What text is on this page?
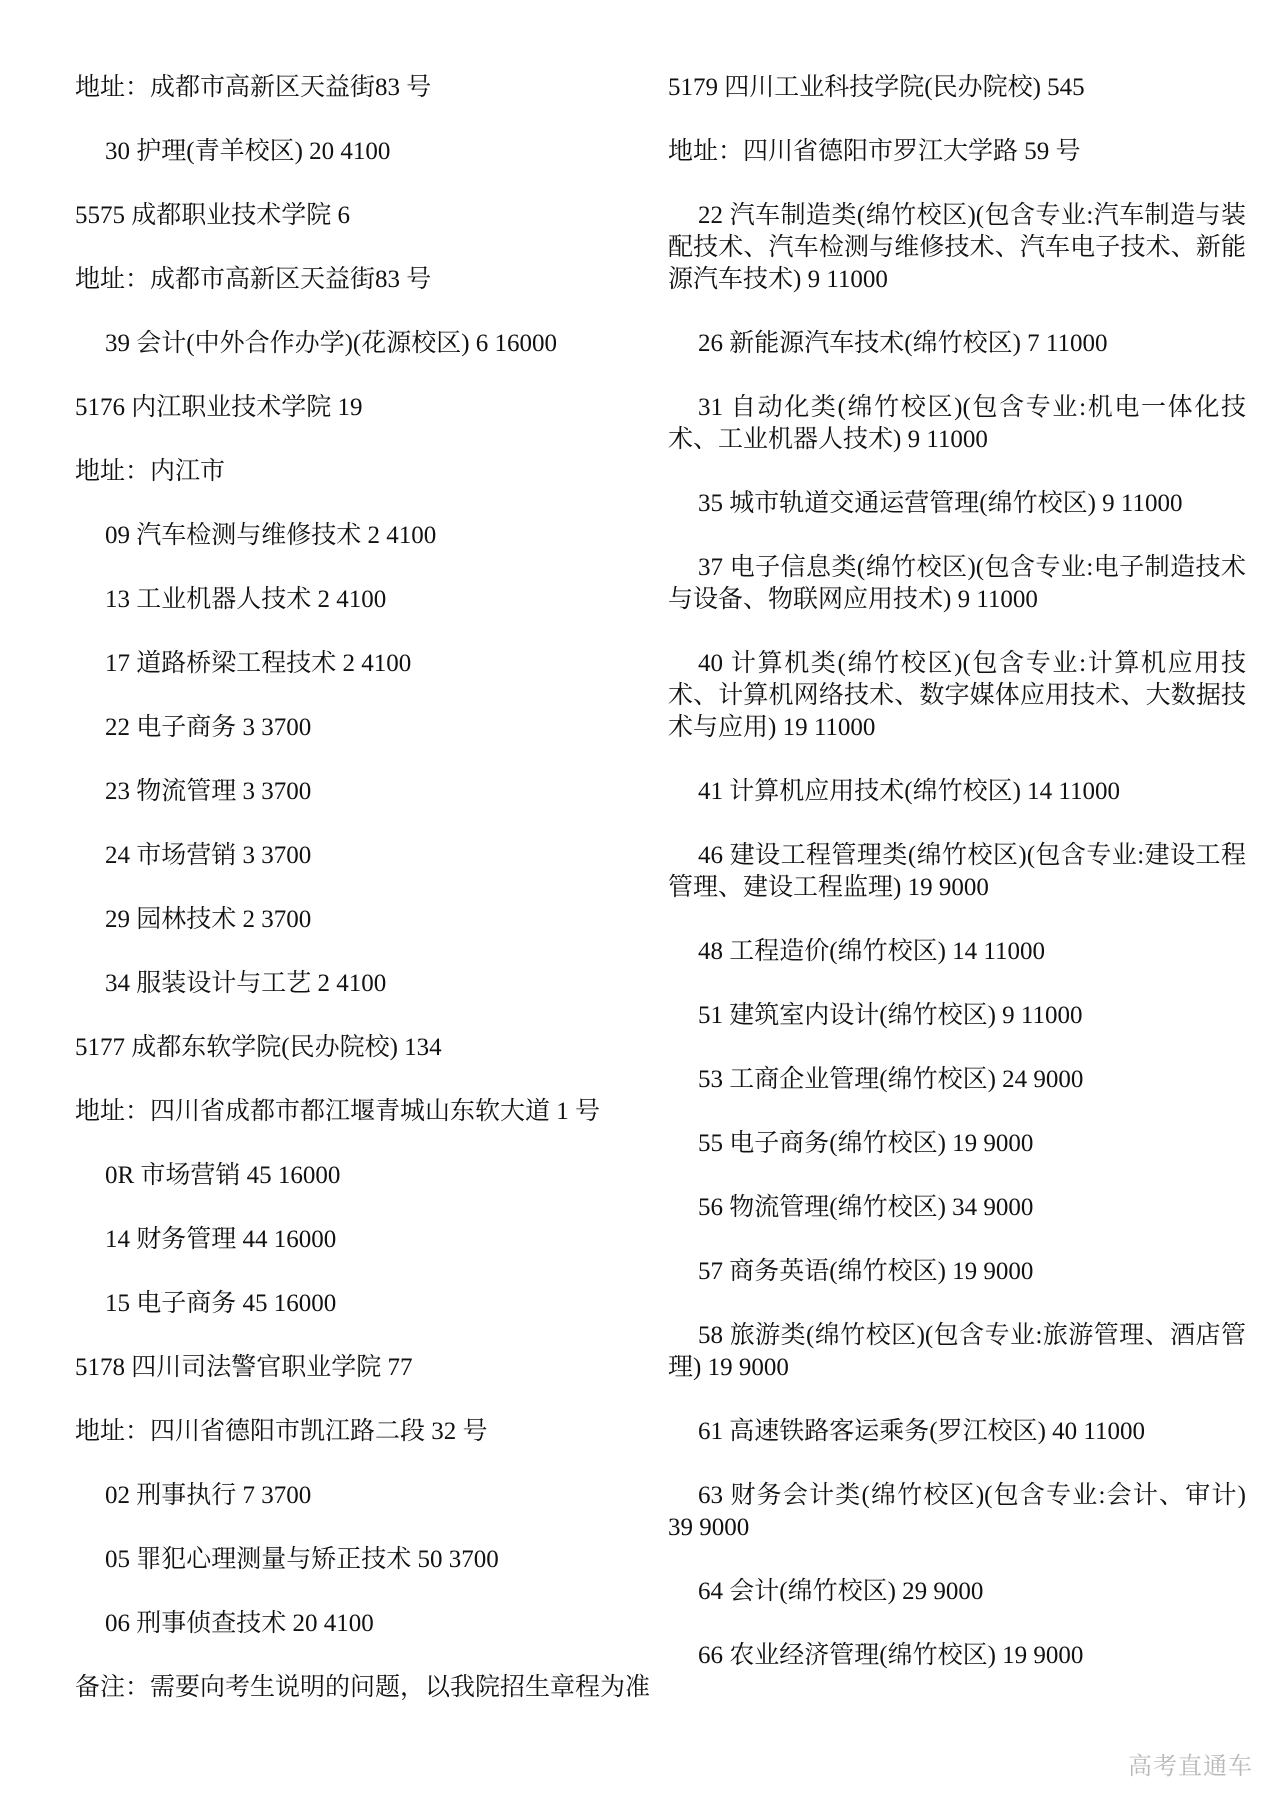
地址：成都市高新区天益街83 号

30 护理(青羊校区) 20 4100

5575 成都职业技术学院 6

地址：成都市高新区天益街83 号

39 会计(中外合作办学)(花源校区) 6 16000

5176 内江职业技术学院 19

地址：内江市

09 汽车检测与维修技术 2 4100

13 工业机器人技术 2 4100

17 道路桥梁工程技术 2 4100

22 电子商务 3 3700

23 物流管理 3 3700

24 市场营销 3 3700

29 园林技术 2 3700

34 服装设计与工艺 2 4100

5177 成都东软学院(民办院校) 134

地址：四川省成都市都江堰青城山东软大道 1 号

0R 市场营销 45 16000

14 财务管理 44 16000

15 电子商务 45 16000

5178 四川司法警官职业学院 77

地址：四川省德阳市凯江路二段 32 号

02 刑事执行 7 3700

05 罪犯心理测量与矫正技术 50 3700

06 刑事侦查技术 20 4100

备注：需要向考生说明的问题，以我院招生章程为准

5179 四川工业科技学院(民办院校) 545

地址：四川省德阳市罗江大学路 59 号

22 汽车制造类(绵竹校区)(包含专业:汽车制造与装配技术、汽车检测与维修技术、汽车电子技术、新能源汽车技术) 9 11000

26 新能源汽车技术(绵竹校区) 7 11000

31 自动化类(绵竹校区)(包含专业:机电一体化技术、工业机器人技术) 9 11000

35 城市轨道交通运营管理(绵竹校区) 9 11000

37 电子信息类(绵竹校区)(包含专业:电子制造技术与设备、物联网应用技术) 9 11000

40 计算机类(绵竹校区)(包含专业:计算机应用技术、计算机网络技术、数字媒体应用技术、大数据技术与应用) 19 11000

41 计算机应用技术(绵竹校区) 14 11000

46 建设工程管理类(绵竹校区)(包含专业:建设工程管理、建设工程监理) 19 9000

48 工程造价(绵竹校区) 14 11000

51 建筑室内设计(绵竹校区) 9 11000

53 工商企业管理(绵竹校区) 24 9000

55 电子商务(绵竹校区) 19 9000

56 物流管理(绵竹校区) 34 9000

57 商务英语(绵竹校区) 19 9000

58 旅游类(绵竹校区)(包含专业:旅游管理、酒店管理) 19 9000

61 高速铁路客运乘务(罗江校区) 40 11000

63 财务会计类(绵竹校区)(包含专业:会计、审计) 39 9000

64 会计(绵竹校区) 29 9000

66 农业经济管理(绵竹校区) 19 9000

高考直通车
